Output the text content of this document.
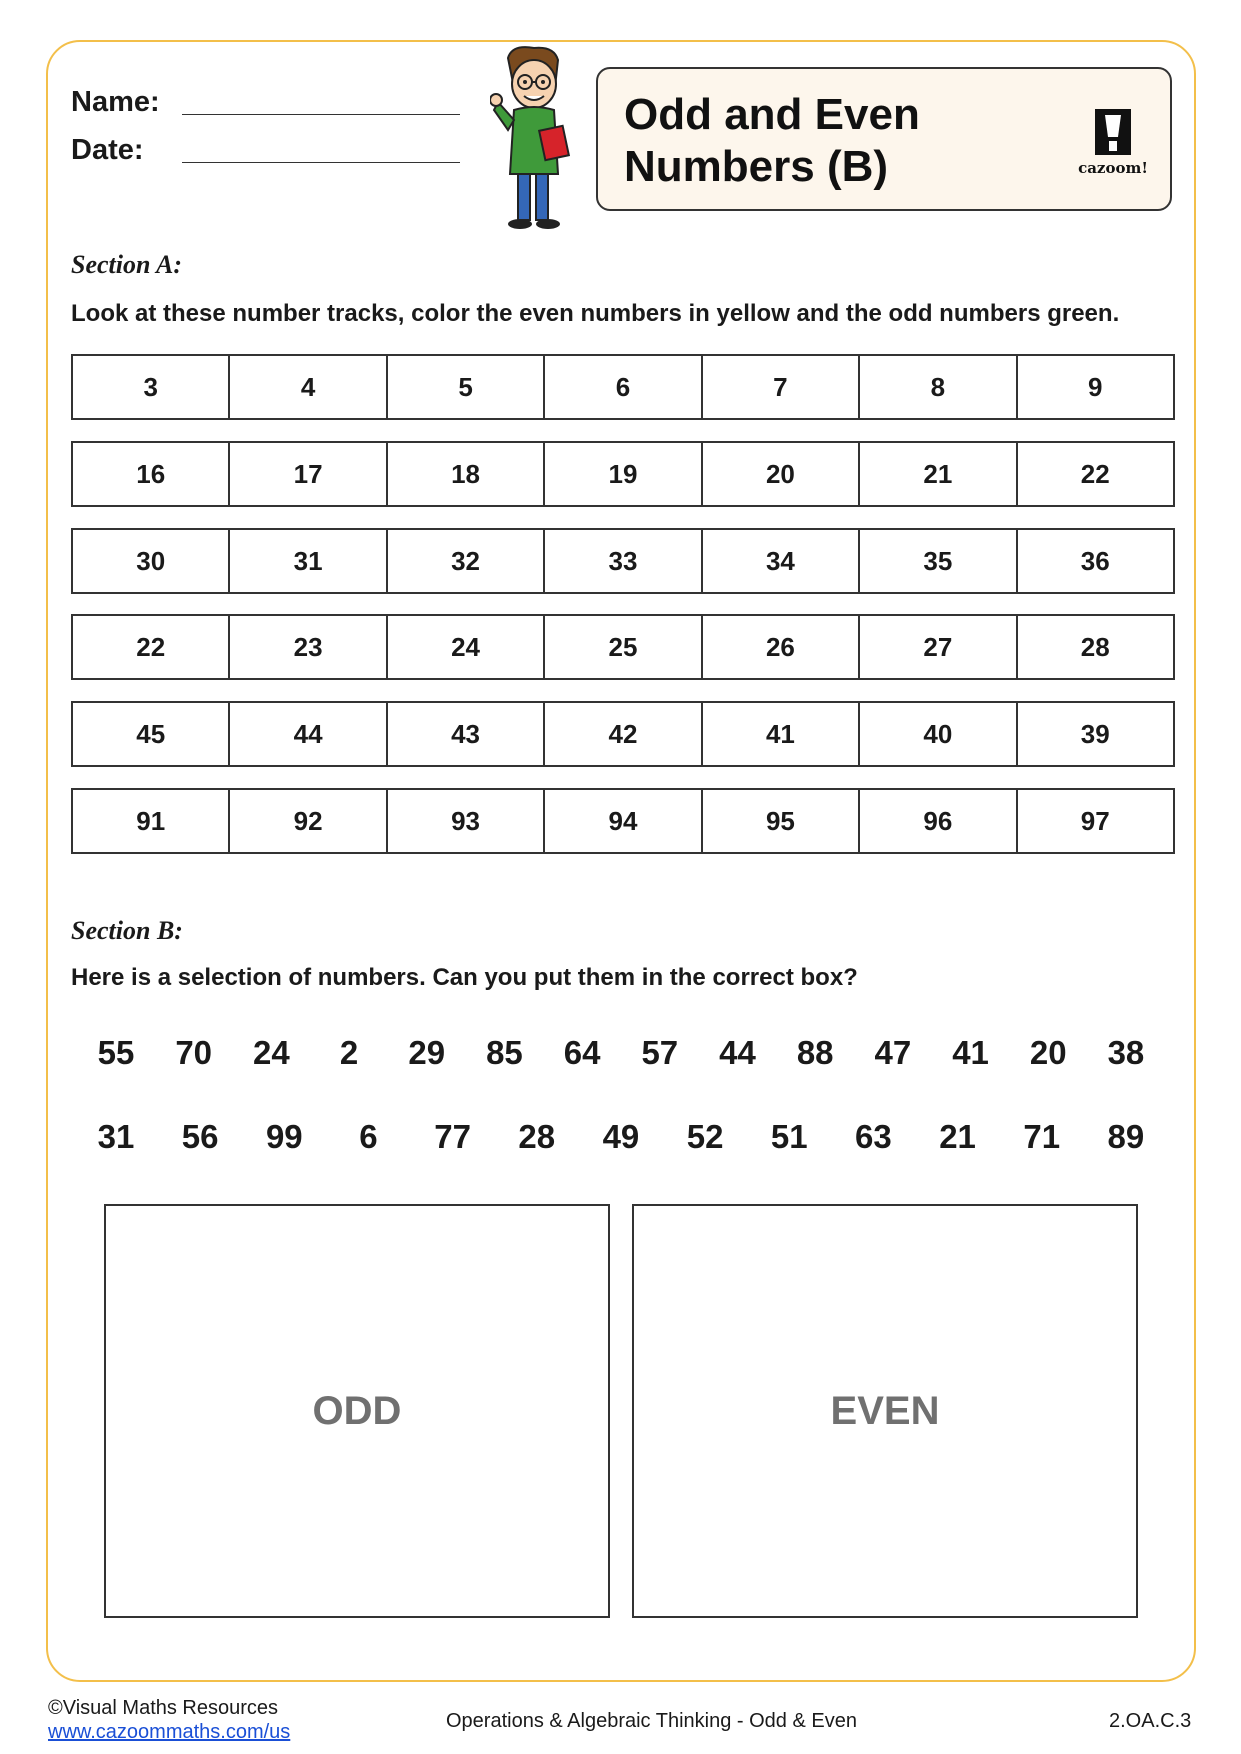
Name:
Date:
Odd and Even
Numbers (B)	cazoom!
Section A:
Look at these number tracks, color the even numbers in yellow and the odd numbers green.
3	4	5	6	7	8	9
16	17	18	19	20	21	22
30	31	32	33	34	35	36
22	23	24	25	26	27	28
45	44	43	42	41	40	39
91	92	93	94	95	96	97
Section B:
Here is a selection of numbers. Can you put them in the correct box?
55	70	24	2	29	85	64	57	44	88	47	41	20	38
31	56	99	6	77	28	49	52	51	63	21	71	89
ODD	EVEN
©Visual Maths Resources
www.cazoommaths.com/us	Operations & Algebraic Thinking - Odd & Even	2.OA.C.3
